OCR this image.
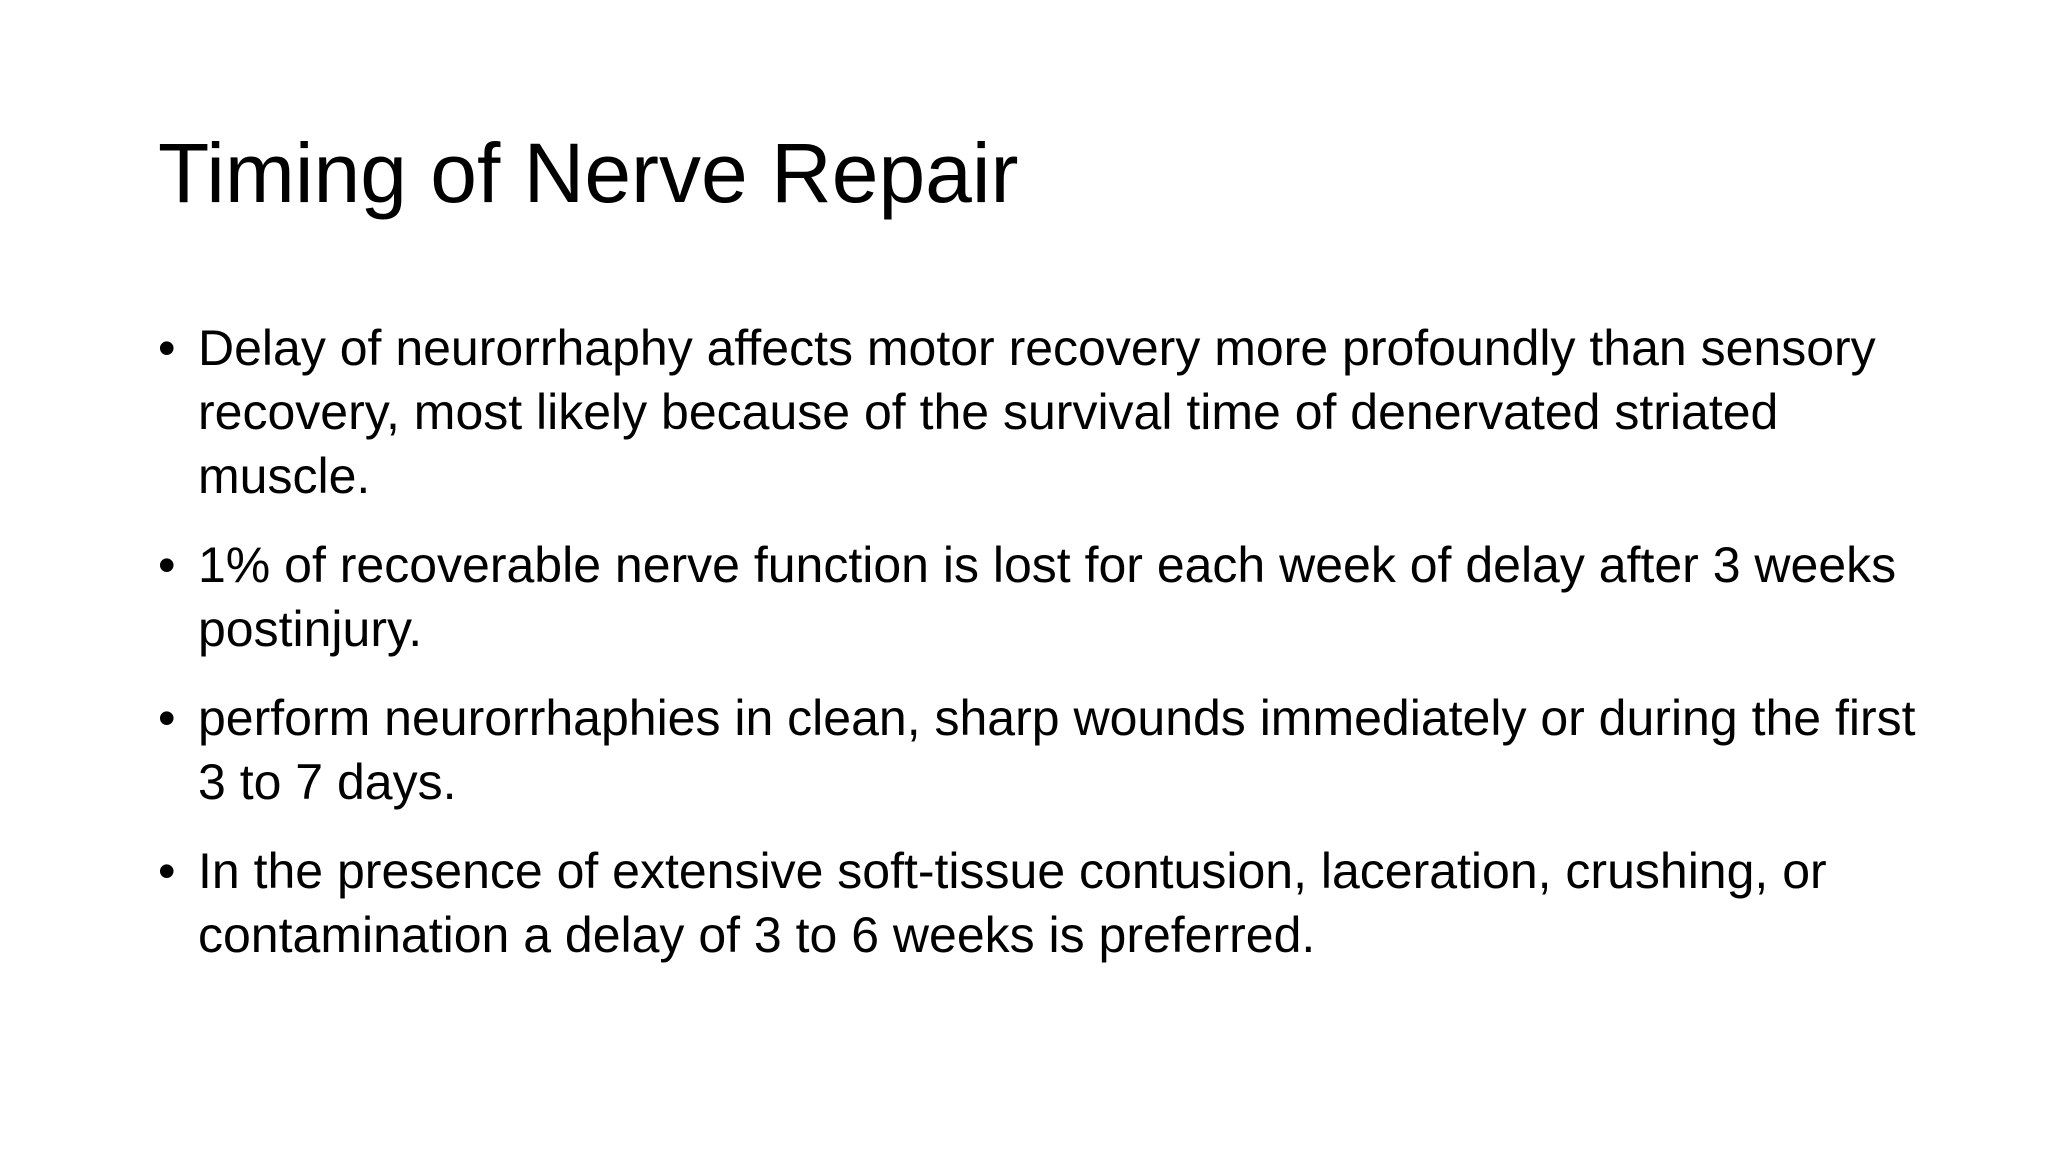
Timing of Nerve Repair
• Delay of neurorrhaphy affects motor recovery more profoundly than sensory recovery, most likely because of the survival time of denervated striated muscle.
• 1% of recoverable nerve function is lost for each week of delay after 3 weeks postinjury.
• perform neurorrhaphies in clean, sharp wounds immediately or during the first 3 to 7 days.
• In the presence of extensive soft-tissue contusion, laceration, crushing, or contamination a delay of 3 to 6 weeks is preferred.
